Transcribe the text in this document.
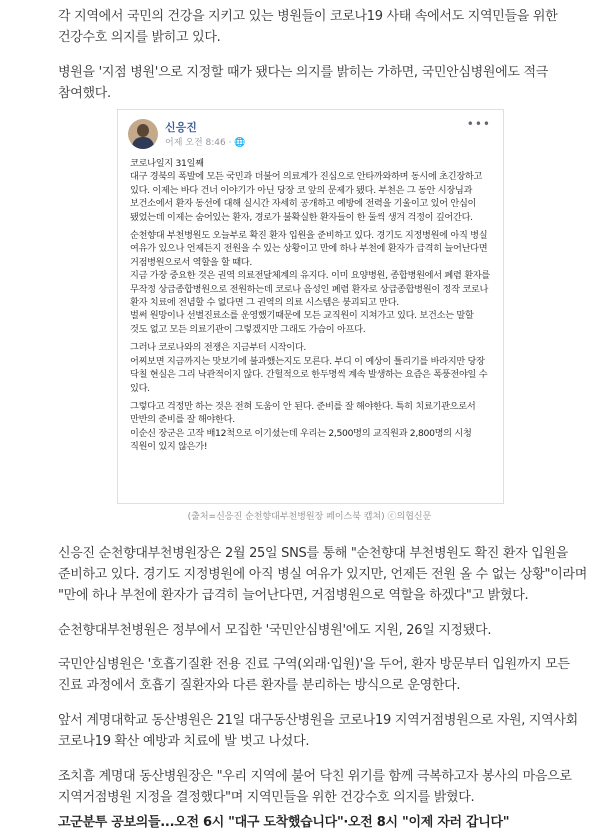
각 지역에서 국민의 건강을 지키고 있는 병원들이 코로나19 사태 속에서도 지역민들을 위한 건강수호 의지를 밝히고 있다.

병원을 '지점 병원'으로 지정할 때가 됐다는 의지를 밝히는 가하면, 국민안심병원에도 적극 참여했다.

신응진
어제 오전 8:46 · 🌐
•••

코로나일지 31일째
대구 경북의 폭발에 모든 국민과 더불어 의료계가 진심으로 안타까와하며 동시에 초긴장하고 있다. 이제는 바다 건너 이야기가 아닌 당장 코 앞의 문제가 됐다. 부천은 그 동안 시장님과 보건소에서 환자 동선에 대해 실시간 자세히 공개하고 예방에 전력을 기울이고 있어 안심이 됐었는데 이제는 숨어있는 환자, 경로가 불확실한 환자들이 한 둘씩 생겨 걱정이 깊어간다.

순천향대 부천병원도 오늘부로 확진 환자 입원을 준비하고 있다. 경기도 지정병원에 아직 병실 여유가 있으나 언제든지 전원을 수 있는 상황이고 만에 하나 부천에 환자가 급격히 늘어난다면 거점병원으로서 역할을 할 때다.
지금 가장 중요한 것은 권역 의료전달체계의 유지다. 이미 요양병원, 종합병원에서 폐렴 환자를 무작정 상급종합병원으로 전원하는데 코로나 음성인 폐렴 환자로 상급종합병원이 정작 코로나 환자 치료에 전념할 수 없다면 그 권역의 의료 시스템은 붕괴되고 만다.
벌써 원망이나 선별진료소를 운영했기때문에 모든 교직원이 지쳐가고 있다. 보건소는 말할 것도 없고 모든 의료기관이 그렇겠지만 그래도 가슴이 아프다.

그러나 코로나와의 전쟁은 지금부터 시작이다.
어찌보면 지금까지는 맛보기에 불과했는지도 모른다. 부디 이 예상이 틀리기를 바라지만 당장 닥칠 현실은 그리 낙관적이지 않다. 간헐적으로 한두명씩 계속 발생하는 요즘은 폭풍전야일 수 있다.

그렇다고 걱정만 하는 것은 전혀 도움이 안 된다. 준비를 잘 해야한다. 특히 치료기관으로서 만반의 준비를 잘 해야한다.
이순신 장군은 고작 배12척으로 이기셨는데 우리는 2,500명의 교직원과 2,800명의 시청 직원이 있지 않은가!

(출처=신응진 순천향대부천병원장 페이스북 캡쳐) ⓒ의협신문

신응진 순천향대부천병원장은 2월 25일 SNS를 통해 "순천향대 부천병원도 확진 환자 입원을 준비하고 있다. 경기도 지정병원에 아직 병실 여유가 있지만, 언제든 전원 올 수 없는 상황"이라며 "만에 하나 부천에 환자가 급격히 늘어난다면, 거점병원으로 역할을 하겠다"고 밝혔다.

순천향대부천병원은 정부에서 모집한 '국민안심병원'에도 지원, 26일 지정됐다.

국민안심병원은 '호흡기질환 전용 진료 구역(외래·입원)'을 두어, 환자 방문부터 입원까지 모든 진료 과정에서 호흡기 질환자와 다른 환자를 분리하는 방식으로 운영한다.

앞서 계명대학교 동산병원은 21일 대구동산병원을 코로나19 지역거점병원으로 자원, 지역사회 코로나19 확산 예방과 치료에 발 벗고 나섰다.

조치흠 계명대 동산병원장은 "우리 지역에 불어 닥친 위기를 함께 극복하고자 봉사의 마음으로 지역거점병원 지정을 결정했다"며 지역민들을 위한 건강수호 의지를 밝혔다.

고군분투 공보의들...오전 6시 "대구 도착했습니다"·오전 8시 "이제 자러 갑니다"
